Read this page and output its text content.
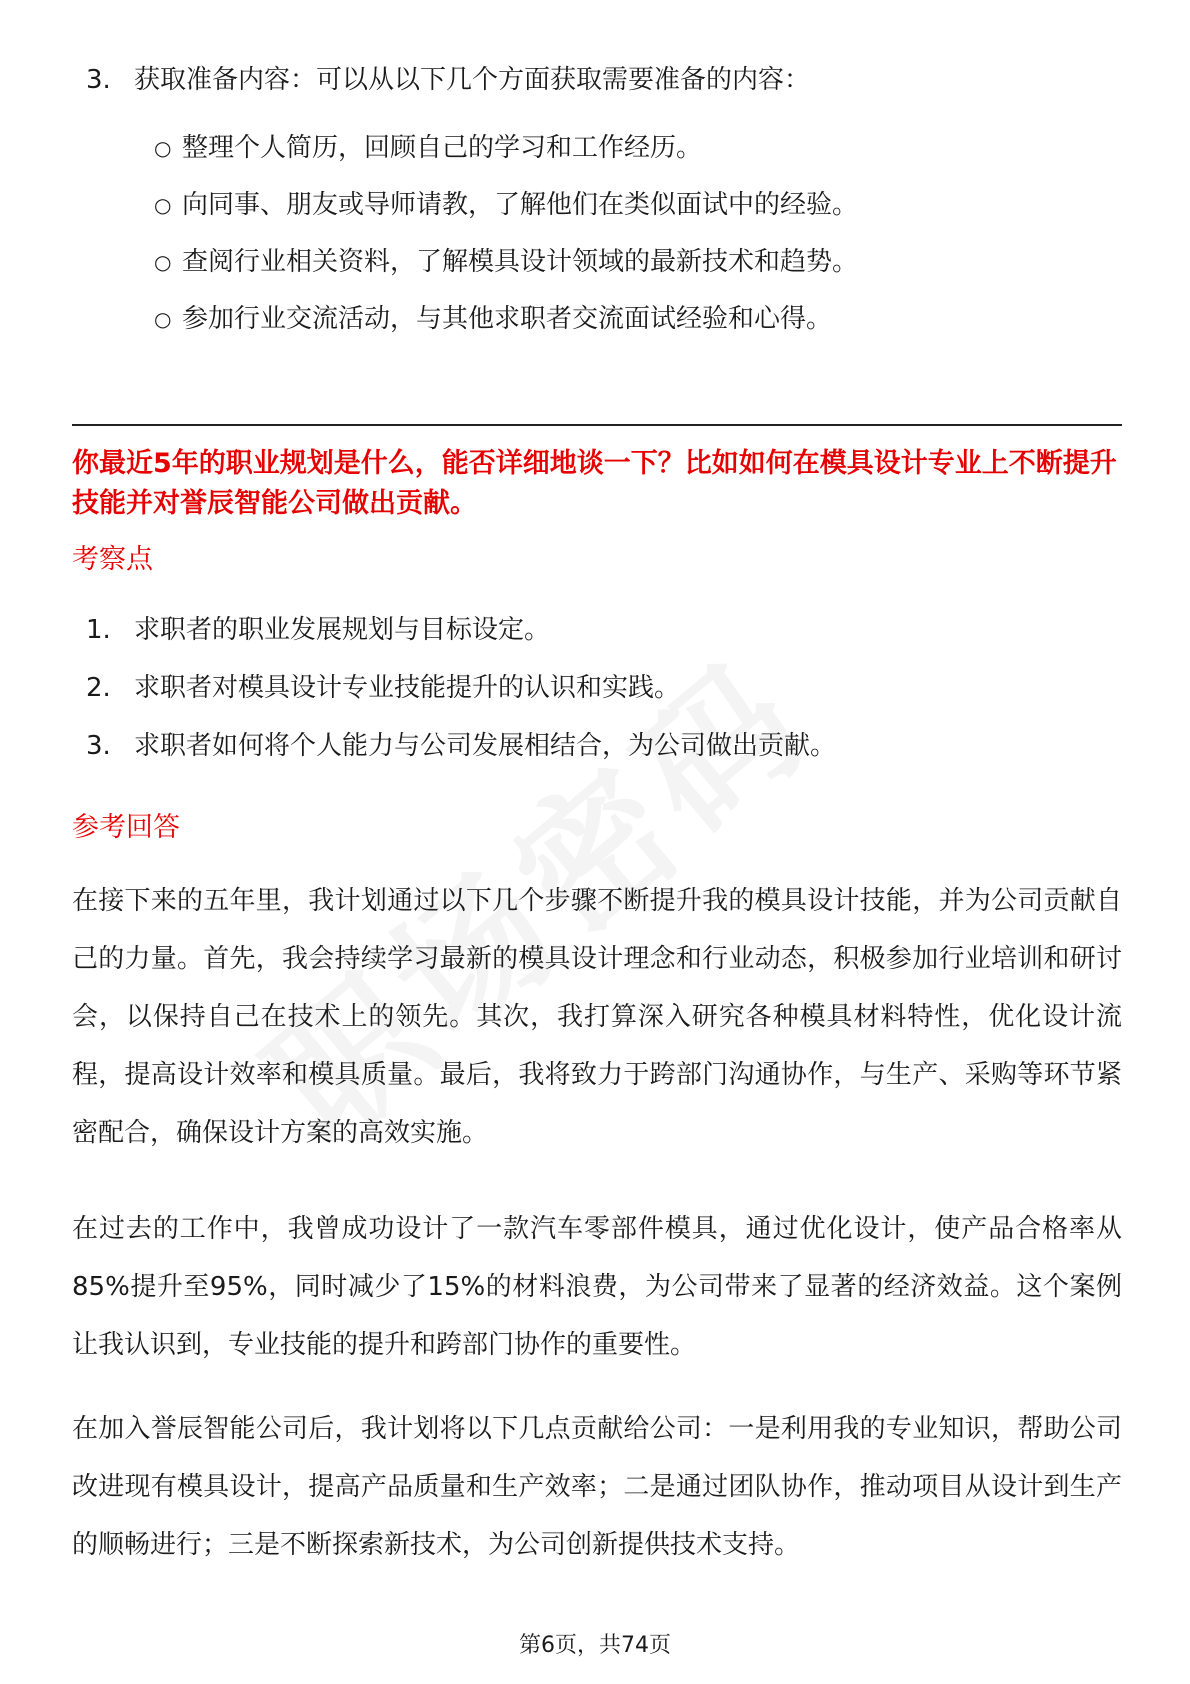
3. 获取准备内容：可以从以下几个方面获取需要准备的内容：
○ 整理个人简历，回顾自己的学习和工作经历。
○ 向同事、朋友或导师请教，了解他们在类似面试中的经验。
○ 查阅行业相关资料，了解模具设计领域的最新技术和趋势。
○ 参加行业交流活动，与其他求职者交流面试经验和心得。
你最近5年的职业规划是什么，能否详细地谈一下？比如如何在模具设计专业上不断提升技能并对誉辰智能公司做出贡献。
考察点
1. 求职者的职业发展规划与目标设定。
2. 求职者对模具设计专业技能提升的认识和实践。
3. 求职者如何将个人能力与公司发展相结合，为公司做出贡献。
参考回答
在接下来的五年里，我计划通过以下几个步骤不断提升我的模具设计技能，并为公司贡献自己的力量。首先，我会持续学习最新的模具设计理念和行业动态，积极参加行业培训和研讨会，以保持自己在技术上的领先。其次，我打算深入研究各种模具材料特性，优化设计流程，提高设计效率和模具质量。最后，我将致力于跨部门沟通协作，与生产、采购等环节紧密配合，确保设计方案的高效实施。
在过去的工作中，我曾成功设计了一款汽车零部件模具，通过优化设计，使产品合格率从85%提升至95%，同时减少了15%的材料浪费，为公司带来了显著的经济效益。这个案例让我认识到，专业技能的提升和跨部门协作的重要性。
在加入誉辰智能公司后，我计划将以下几点贡献给公司：一是利用我的专业知识，帮助公司改进现有模具设计，提高产品质量和生产效率；二是通过团队协作，推动项目从设计到生产的顺畅进行；三是不断探索新技术，为公司创新提供技术支持。
第6页，共74页
